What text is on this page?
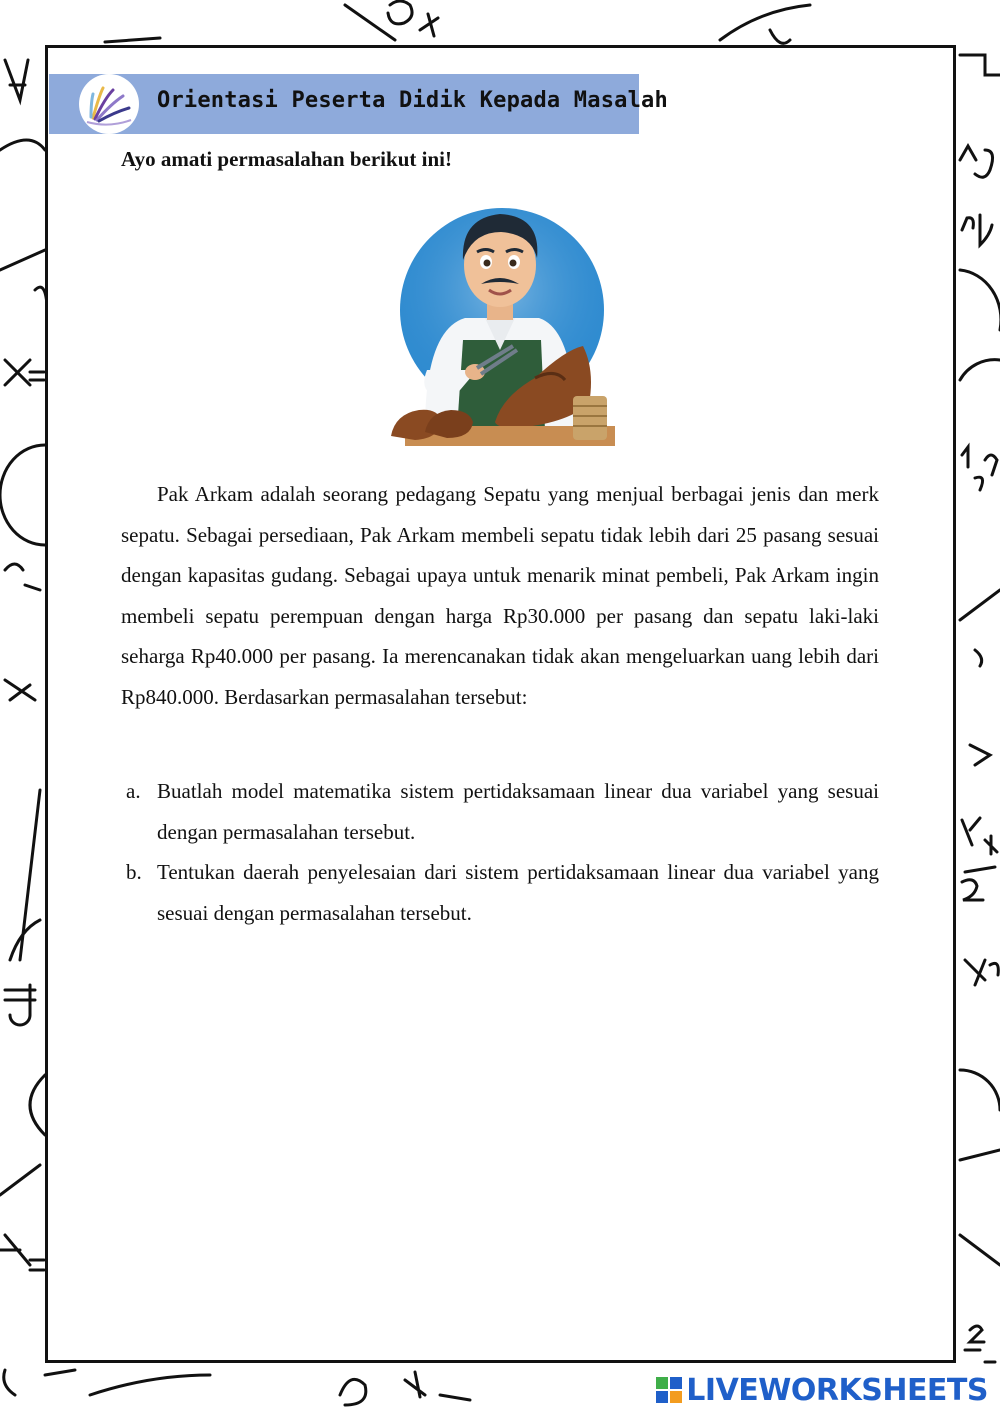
Orientasi Peserta Didik Kepada Masalah
Ayo amati permasalahan berikut ini!

Pak Arkam adalah seorang pedagang Sepatu yang menjual berbagai jenis dan merk sepatu. Sebagai persediaan, Pak Arkam membeli sepatu tidak lebih dari 25 pasang sesuai dengan kapasitas gudang. Sebagai upaya untuk menarik minat pembeli, Pak Arkam ingin membeli sepatu perempuan dengan harga Rp30.000 per pasang dan sepatu laki-laki seharga Rp40.000 per pasang. Ia merencanakan tidak akan mengeluarkan uang lebih dari Rp840.000. Berdasarkan permasalahan tersebut:

a. Buatlah model matematika sistem pertidaksamaan linear dua variabel yang sesuai dengan permasalahan tersebut.
b. Tentukan daerah penyelesaian dari sistem pertidaksamaan linear dua variabel yang sesuai dengan permasalahan tersebut.
LIVEWORKSHEETS
